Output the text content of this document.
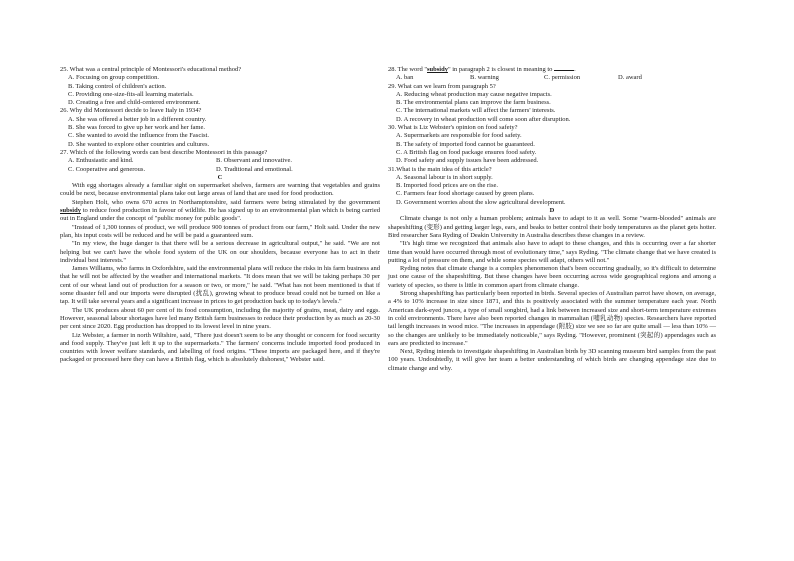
25. What was a central principle of Montessori's educational method?
A. Focusing on group competition.
B. Taking control of children's action.
C. Providing one-size-fits-all learning materials.
D. Creating a free and child-centered environment.
26. Why did Montessori decide to leave Italy in 1934?
A. She was offered a better job in a different country.
B. She was forced to give up her work and her fame.
C. She wanted to avoid the influence from the Fascist.
D. She wanted to explore other countries and cultures.
27. Which of the following words can best describe Montessori in this passage?
A. Enthusiastic and kind.	B. Observant and innovative.
C. Cooperative and generous.	D. Traditional and emotional.
C

With egg shortages already a familiar sight on supermarket shelves, farmers are warning that vegetables and grains could be next, because environmental plans take out large areas of land that are used for food production.

Stephen Holt, who owns 670 acres in Northamptonshire, said farmers were being stimulated by the government subsidy to reduce food production in favour of wildlife. He has signed up to an environmental plan which is being carried out in England under the concept of "public money for public goods".

"Instead of 1,300 tonnes of product, we will produce 900 tonnes of product from our farm," Holt said. Under the new plan, his input costs will be reduced and he will be paid a guaranteed sum.

"In my view, the huge danger is that there will be a serious decrease in agricultural output," he said. "We are not helping but we can't have the whole food system of the UK on our shoulders, because everyone has to act in their individual best interests."

James Williams, who farms in Oxfordshire, said the environmental plans will reduce the risks in his farm business and that he will not be affected by the weather and international markets. "It does mean that we will be taking perhaps 30 per cent of our wheat land out of production for a season or two, or more," he said. "What has not been mentioned is that if some disaster fell and our imports were disrupted (扰乱), growing wheat to produce bread could not be turned on like a tap. It will take several years and a significant increase in prices to get production back up to today's levels."

The UK produces about 60 per cent of its food consumption, including the majority of grains, meat, dairy and eggs. However, seasonal labour shortages have led many British farm businesses to reduce their production by as much as 20-30 per cent since 2020. Egg production has dropped to its lowest level in nine years.

Liz Webster, a farmer in north Wiltshire, said, "There just doesn't seem to be any thought or concern for food security and food supply. They've just left it up to the supermarkets." The farmers' concerns include imported food produced in countries with lower welfare standards, and labelling of food origins. "These imports are packaged here, and if they're packaged or processed here they can have a British flag, which is absolutely dishonest," Webster said.

28. The word "subsidy" in paragraph 2 is closest in meaning to	.
A. ban	B. warning	C. permission	D. award
29. What can we learn from paragraph 5?
A. Reducing wheat production may cause negative impacts.
B. The environmental plans can improve the farm business.
C. The international markets will affect the farmers' interests.
D. A recovery in wheat production will come soon after disruption.
30. What is Liz Webster's opinion on food safety?
A. Supermarkets are responsible for food safety.
B. The safety of imported food cannot be guaranteed.
C. A British flag on food package ensures food safety.
D. Food safety and supply issues have been addressed.
31.What is the main idea of this article?
A. Seasonal labour is in short supply.
B. Imported food prices are on the rise.
C. Farmers fear food shortage caused by green plans.
D. Government worries about the slow agricultural development.
D

Climate change is not only a human problem; animals have to adapt to it as well. Some "warm-blooded" animals are shapeshifting (变形) and getting larger legs, ears, and beaks to better control their body temperatures as the planet gets hotter. Bird researcher Sara Ryding of Deakin University in Australia describes these changes in a review.

"It's high time we recognized that animals also have to adapt to these changes, and this is occurring over a far shorter time than would have occurred through most of evolutionary time," says Ryding. "The climate change that we have created is putting a lot of pressure on them, and while some species will adapt, others will not."

Ryding notes that climate change is a complex phenomenon that's been occurring gradually, so it's difficult to determine just one cause of the shapeshifting. But these changes have been occurring across wide geographical regions and among a variety of species, so there is little in common apart from climate change.

Strong shapeshifting has particularly been reported in birds. Several species of Australian parrot have shown, on average, a 4% to 10% increase in size since 1871, and this is positively associated with the summer temperature each year. North American dark-eyed juncos, a type of small songbird, had a link between increased size and short-term temperature extremes in cold environments. There have also been reported changes in mammalian (哺乳动物) species. Researchers have reported tail length increases in wood mice. "The increases in appendage (附肢) size we see so far are quite small — less than 10% — so the changes are unlikely to be immediately noticeable," says Ryding. "However, prominent (突起的) appendages such as ears are predicted to increase."

Next, Ryding intends to investigate shapeshifting in Australian birds by 3D scanning museum bird samples from the past 100 years. Undoubtedly, it will give her team a better understanding of which birds are changing appendage size due to climate change and why.
